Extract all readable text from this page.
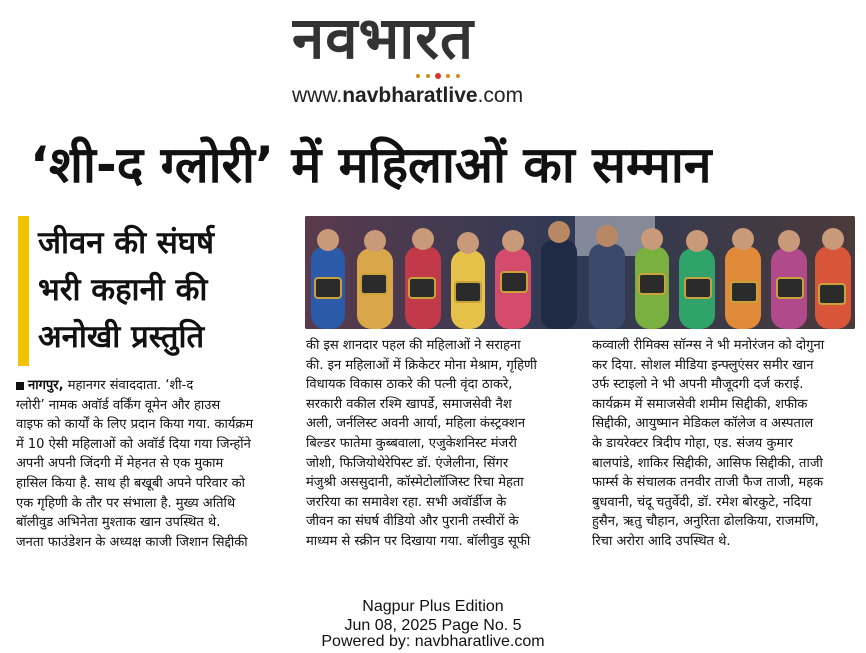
नवभारत
www.navbharatlive.com
‘शी-द ग्लोरी’ में महिलाओं का सम्मान
जीवन की संघर्ष
भरी कहानी की
अनोखी प्रस्तुति
नागपुर, महानगर संवाददाता. ‘शी-द
ग्लोरी’ नामक अवॉर्ड वर्किंग वूमेन और हाउस
वाइफ को कार्यों के लिए प्रदान किया गया. कार्यक्रम
में 10 ऐसी महिलाओं को अवॉर्ड दिया गया जिन्होंने
अपनी अपनी जिंदगी में मेहनत से एक मुकाम
हासिल किया है. साथ ही बखूबी अपने परिवार को
एक गृहिणी के तौर पर संभाला है. मुख्य अतिथि
बॉलीवुड अभिनेता मुश्ताक खान उपस्थित थे.
जनता फाउंडेशन के अध्यक्ष काजी जिशान सिद्दीकी
की इस शानदार पहल की महिलाओं ने सराहना
की. इन महिलाओं में क्रिकेटर मोना मेश्राम, गृहिणी
विधायक विकास ठाकरे की पत्नी वृंदा ठाकरे,
सरकारी वकील रश्मि खापर्डे, समाजसेवी नैश
अली, जर्नलिस्ट अवनी आर्या, महिला कंस्ट्रक्शन
बिल्डर फातेमा कुब्बवाला, एजुकेशनिस्ट मंजरी
जोशी, फिजियोथेरेपिस्ट डॉ. एंजेलीना, सिंगर
मंजुश्री अससुदानी, कॉस्मेटोलॉजिस्ट रिचा मेहता
जररिया का समावेश रहा. सभी अवॉर्डीज के
जीवन का संघर्ष वीडियो और पुरानी तस्वीरों के
माध्यम से स्क्रीन पर दिखाया गया. बॉलीवुड सूफी
कव्वाली रीमिक्स सॉन्ग्स ने भी मनोरंजन को दोगुना
कर दिया. सोशल मीडिया इन्फ्लुएंसर समीर खान
उर्फ स्टाइलो ने भी अपनी मौजूदगी दर्ज कराई.
कार्यक्रम में समाजसेवी शमीम सिद्दीकी, शफीक
सिद्दीकी, आयुष्मान मेडिकल कॉलेज व अस्पताल
के डायरेक्टर त्रिदीप गोहा, एड. संजय कुमार
बालपांडे, शाकिर सिद्दीकी, आसिफ सिद्दीकी, ताजी
फार्म्स के संचालक तनवीर ताजी फैज ताजी, महक
बुधवानी, चंदू चतुर्वेदी, डॉ. रमेश बोरकुटे, नदिया
हुसैन, ऋतु चौहान, अनुरिता ढोलकिया, राजमणि,
रिचा अरोरा आदि उपस्थित थे.
Nagpur Plus Edition
Jun 08, 2025 Page No. 5
Powered by: navbharatlive.com
